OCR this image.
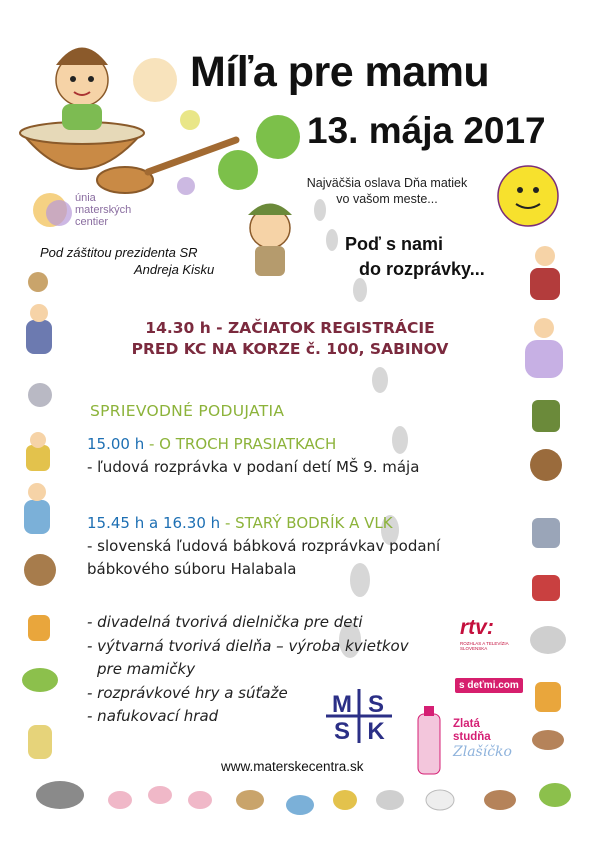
Míľa pre mamu
13. mája 2017
Najväčšia oslava Dňa matiek
vo vašom meste...
únia
materských
centier
Pod záštitou prezidenta SR
Andreja Kisku
Poď s nami
do rozprávky...
14.30 h - ZAČIATOK REGISTRÁCIE
PRED KC NA KORZE č. 100, SABINOV
SPRIEVODNÉ PODUJATIA
15.00 h - O TROCH PRASIATKACH
- ľudová rozprávka v podaní detí MŠ 9. mája
15.45 h a 16.30 h - STARÝ BODRÍK A VLK
- slovenská ľudová bábková rozprávkav podaní
bábkového súboru Halabala
- divadelná tvorivá dielnička pre deti
- výtvarná tvorivá dielňa – výroba kvietkov
pre mamičky
- rozprávkové hry a súťaže
- nafukovací hrad	M S
S K
rtv:
ROZHLAS A TELEVÍZIA SLOVENSKA
s deťmi.com
Zlatá
studňa
Zlašíčko
www.materskecentra.sk
